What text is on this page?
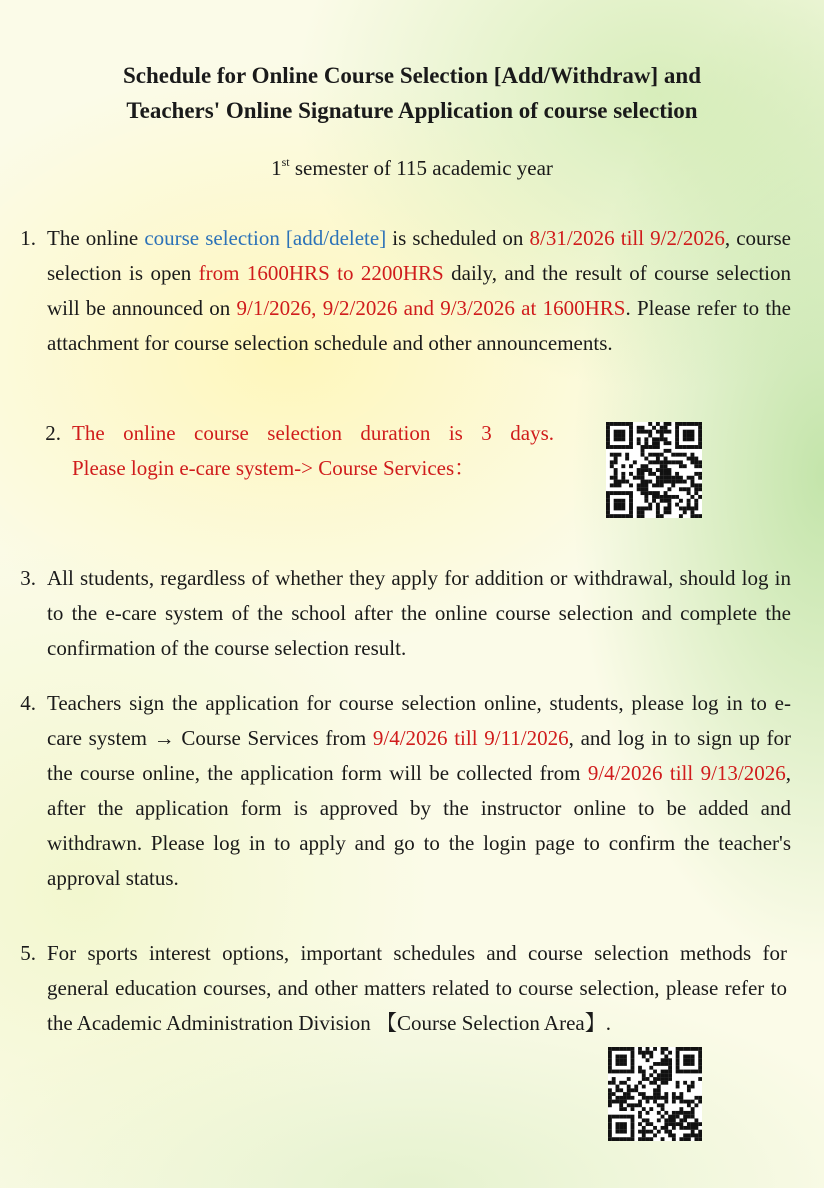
Schedule for Online Course Selection [Add/Withdraw] and
Teachers' Online Signature Application of course selection
1st semester of 115 academic year
1. The online course selection [add/delete] is scheduled on 8/31/2026 till 9/2/2026, course selection is open from 1600HRS to 2200HRS daily, and the result of course selection will be announced on 9/1/2026, 9/2/2026 and 9/3/2026 at 1600HRS. Please refer to the attachment for course selection schedule and other announcements.
2. The online course selection duration is 3 days.
Please login e-care system-> Course Services：
3. All students, regardless of whether they apply for addition or withdrawal, should log in to the e-care system of the school after the online course selection and complete the confirmation of the course selection result.
4. Teachers sign the application for course selection online, students, please log in to e-care system → Course Services from 9/4/2026 till 9/11/2026, and log in to sign up for the course online, the application form will be collected from 9/4/2026 till 9/13/2026, after the application form is approved by the instructor online to be added and withdrawn. Please log in to apply and go to the login page to confirm the teacher's approval status.
5. For sports interest options, important schedules and course selection methods for general education courses, and other matters related to course selection, please refer to the Academic Administration Division 【Course Selection Area】.
